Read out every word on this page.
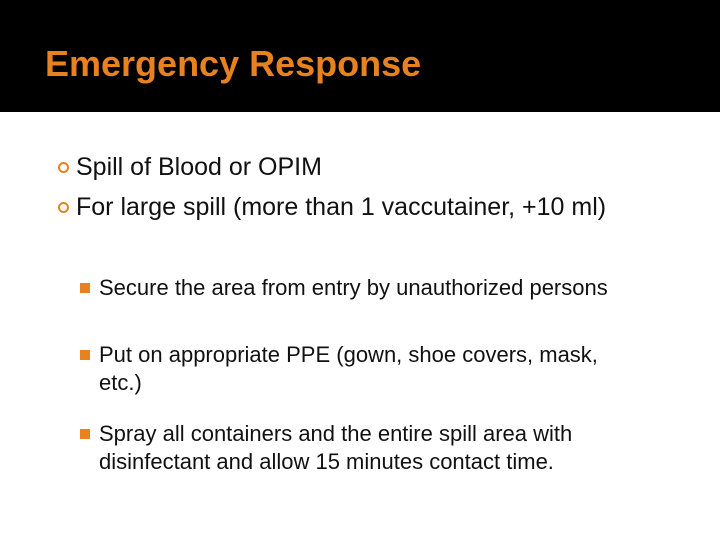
Emergency Response
Spill of Blood or OPIM
For large spill (more than 1 vaccutainer, +10 ml)
Secure the area from entry by unauthorized persons
Put on appropriate PPE (gown, shoe covers, mask, etc.)
Spray all containers and the entire spill area with disinfectant and allow 15 minutes contact time.
